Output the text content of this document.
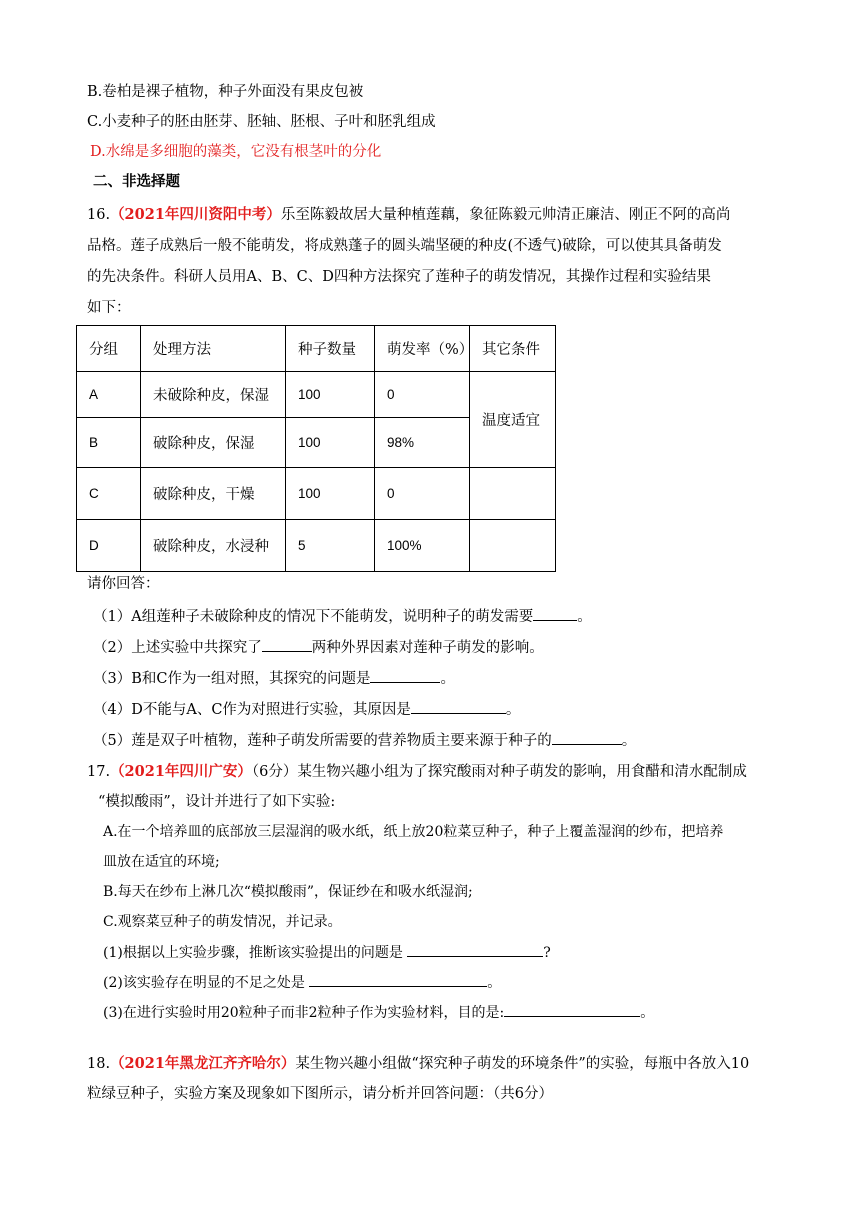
B.卷柏是裸子植物，种子外面没有果皮包被
C.小麦种子的胚由胚芽、胚轴、胚根、子叶和胚乳组成
D.水绵是多细胞的藻类，它没有根茎叶的分化
二、非选择题
16.（2021年四川资阳中考）乐至陈毅故居大量种植莲藕，象征陈毅元帅清正廉洁、刚正不阿的高尚
品格。莲子成熟后一般不能萌发，将成熟蓬子的圆头端坚硬的种皮(不透气)破除，可以使其具备萌发
的先决条件。科研人员用A、B、C、D四种方法探究了莲种子的萌发情况，其操作过程和实验结果
如下：
分组	处理方法	种子数量	萌发率（%）	其它条件
A	未破除种皮，保湿	100	0	温度适宜
B	破除种皮，保湿	100	98%	
C	破除种皮，干燥	100	0	
D	破除种皮，水浸种	5	100%	
请你回答：
（1）A组莲种子未破除种皮的情况下不能萌发，说明种子的萌发需要	。
（2）上述实验中共探究了	两种外界因素对莲种子萌发的影响。
（3）B和C作为一组对照，其探究的问题是	。
（4）D不能与A、C作为对照进行实验，其原因是	。
（5）莲是双子叶植物，莲种子萌发所需要的营养物质主要来源于种子的	。
17.（2021年四川广安）（6分）某生物兴趣小组为了探究酸雨对种子萌发的影响，用食醋和清水配制成
“模拟酸雨”，设计并进行了如下实验:
A.在一个培养皿的底部放三层湿润的吸水纸，纸上放20粒菜豆种子，种子上覆盖湿润的纱布，把培养
皿放在适宜的环境;
B.每天在纱布上淋几次“模拟酸雨”，保证纱在和吸水纸湿润;
C.观察菜豆种子的萌发情况，并记录。
(1)根据以上实验步骤，推断该实验提出的问题是	?
(2)该实验存在明显的不足之处是	。
(3)在进行实验时用20粒种子而非2粒种子作为实验材料，目的是:	。
18.（2021年黑龙江齐齐哈尔）某生物兴趣小组做“探究种子萌发的环境条件”的实验，每瓶中各放入10
粒绿豆种子，实验方案及现象如下图所示，请分析并回答问题：（共6分）
